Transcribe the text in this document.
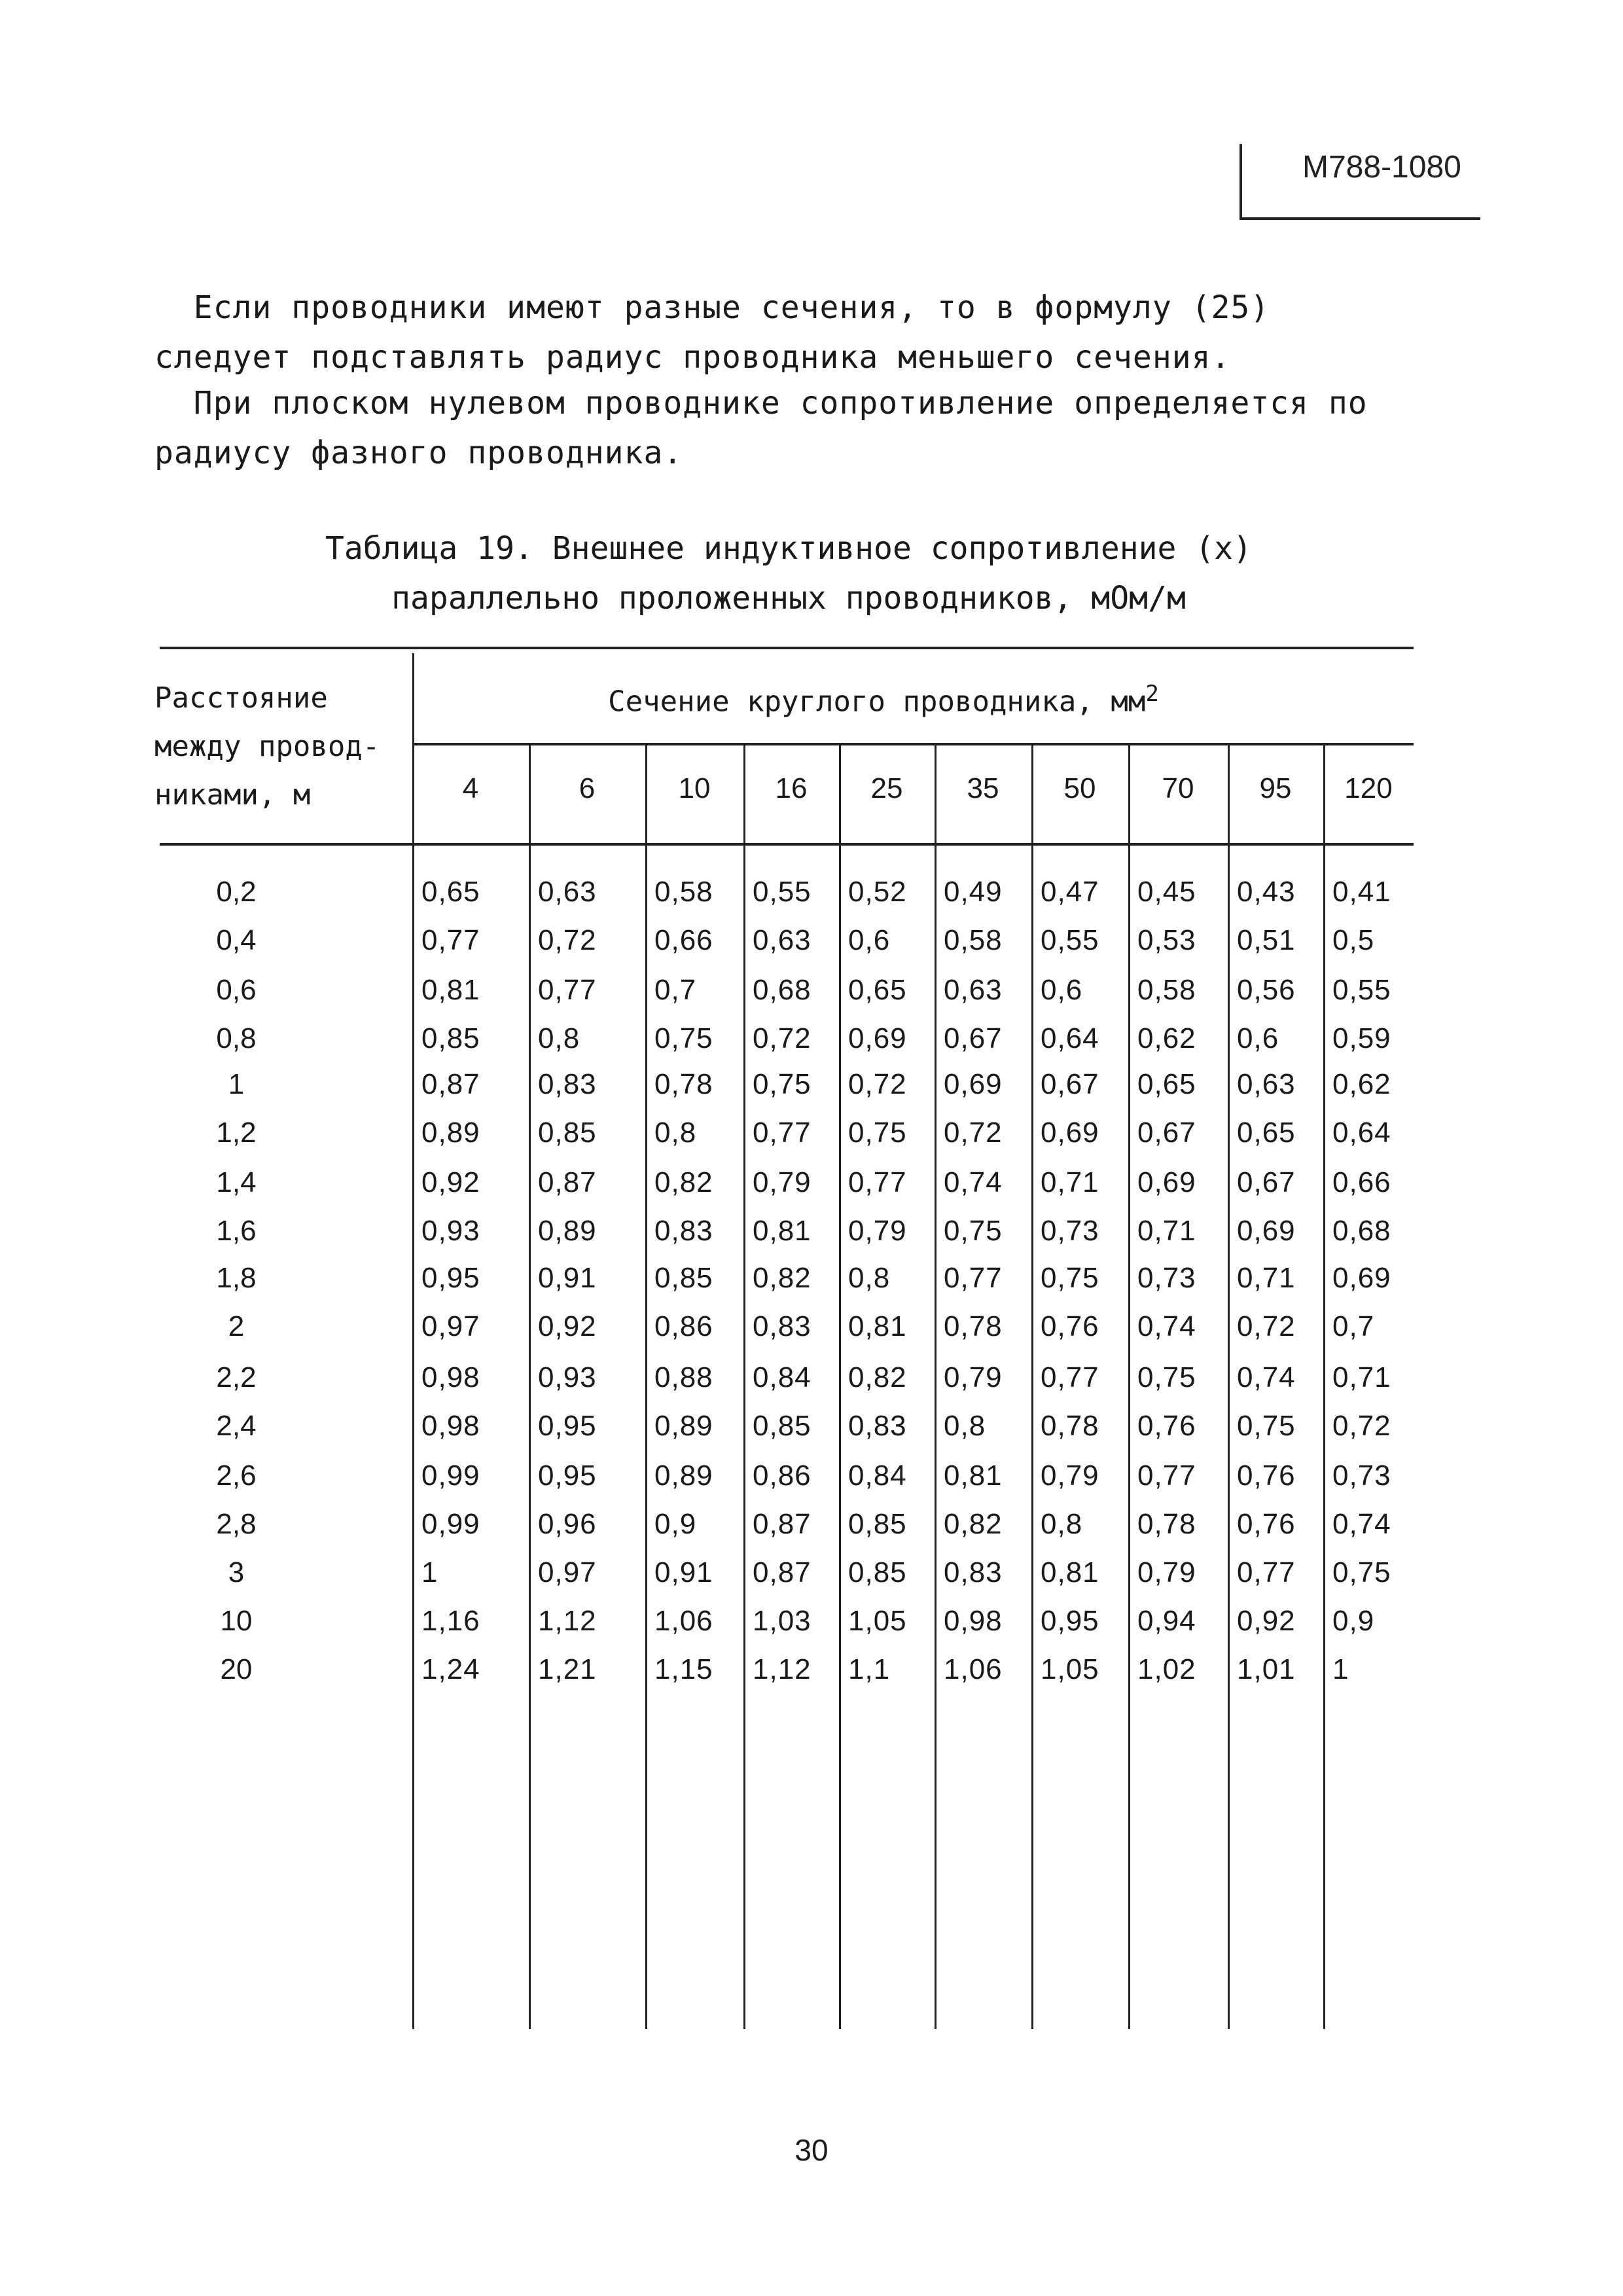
М788-1080
Если проводники имеют разные сечения, то в формулу (25)
следует подставлять радиус проводника меньшего сечения.
При плоском нулевом проводнике сопротивление определяется по
радиусу фазного проводника.
Таблица 19. Внешнее индуктивное сопротивление (x)
параллельно проложенных проводников, мОм/м
Расстояние
между провод-
никами, м
Сечение круглого проводника, $мм^2$
4	6	10	16	25	35	50	70	95	120
0,2	0,65 0,63 0,58 0,55 0,52 0,49 0,47 0,45 0,43 0,41
0,4	0,77 0,72 0,66 0,63 0,6 0,58 0,55 0,53 0,51 0,5
0,6	0,81 0,77 0,7 0,68 0,65 0,63 0,6 0,58 0,56 0,55
0,8	0,85 0,8	0,75 0,72 0,69 0,67 0,64 0,62 0,6 0,59
1	0,87 0,83 0,78 0,75 0,72 0,69 0,67 0,65 0,63 0,62
1,2	0,89 0,85 0,8 0,77 0,75 0,72 0,69 0,67 0,65 0,64
1,4	0,92 0,87 0,82 0,79 0,77 0,74 0,71 0,69 0,67 0,66
1,6	0,93 0,89 0,83 0,81 0,79 0,75 0,73 0,71 0,69 0,68
1,8	0,95 0,91 0,85 0,82 0,8 0,77 0,75 0,73 0,71 0,69
2	0,97 0,92 0,86 0,83 0,81 0,78 0,76 0,74 0,72 0,7
2,2	0,98 0,93 0,88 0,84 0,82 0,79 0,77 0,75 0,74 0,71
2,4	0,98 0,95 0,89 0,85 0,83 0,8 0,78 0,76 0,75 0,72
2,6	0,99 0,95 0,89 0,86 0,84 0,81 0,79 0,77 0,76 0,73
2,8	0,99 0,96 0,9 0,87 0,85 0,82 0,8 0,78 0,76 0,74
3	1	0,97 0,91 0,87 0,85 0,83 0,81 0,79 0,77 0,75
10	1,16 1,12 1,06 1,03 1,05 0,98 0,95 0,94 0,92 0,9
20	1,24 1,21 1,15 1,12 1,1 1,06 1,05 1,02 1,01 1
30
